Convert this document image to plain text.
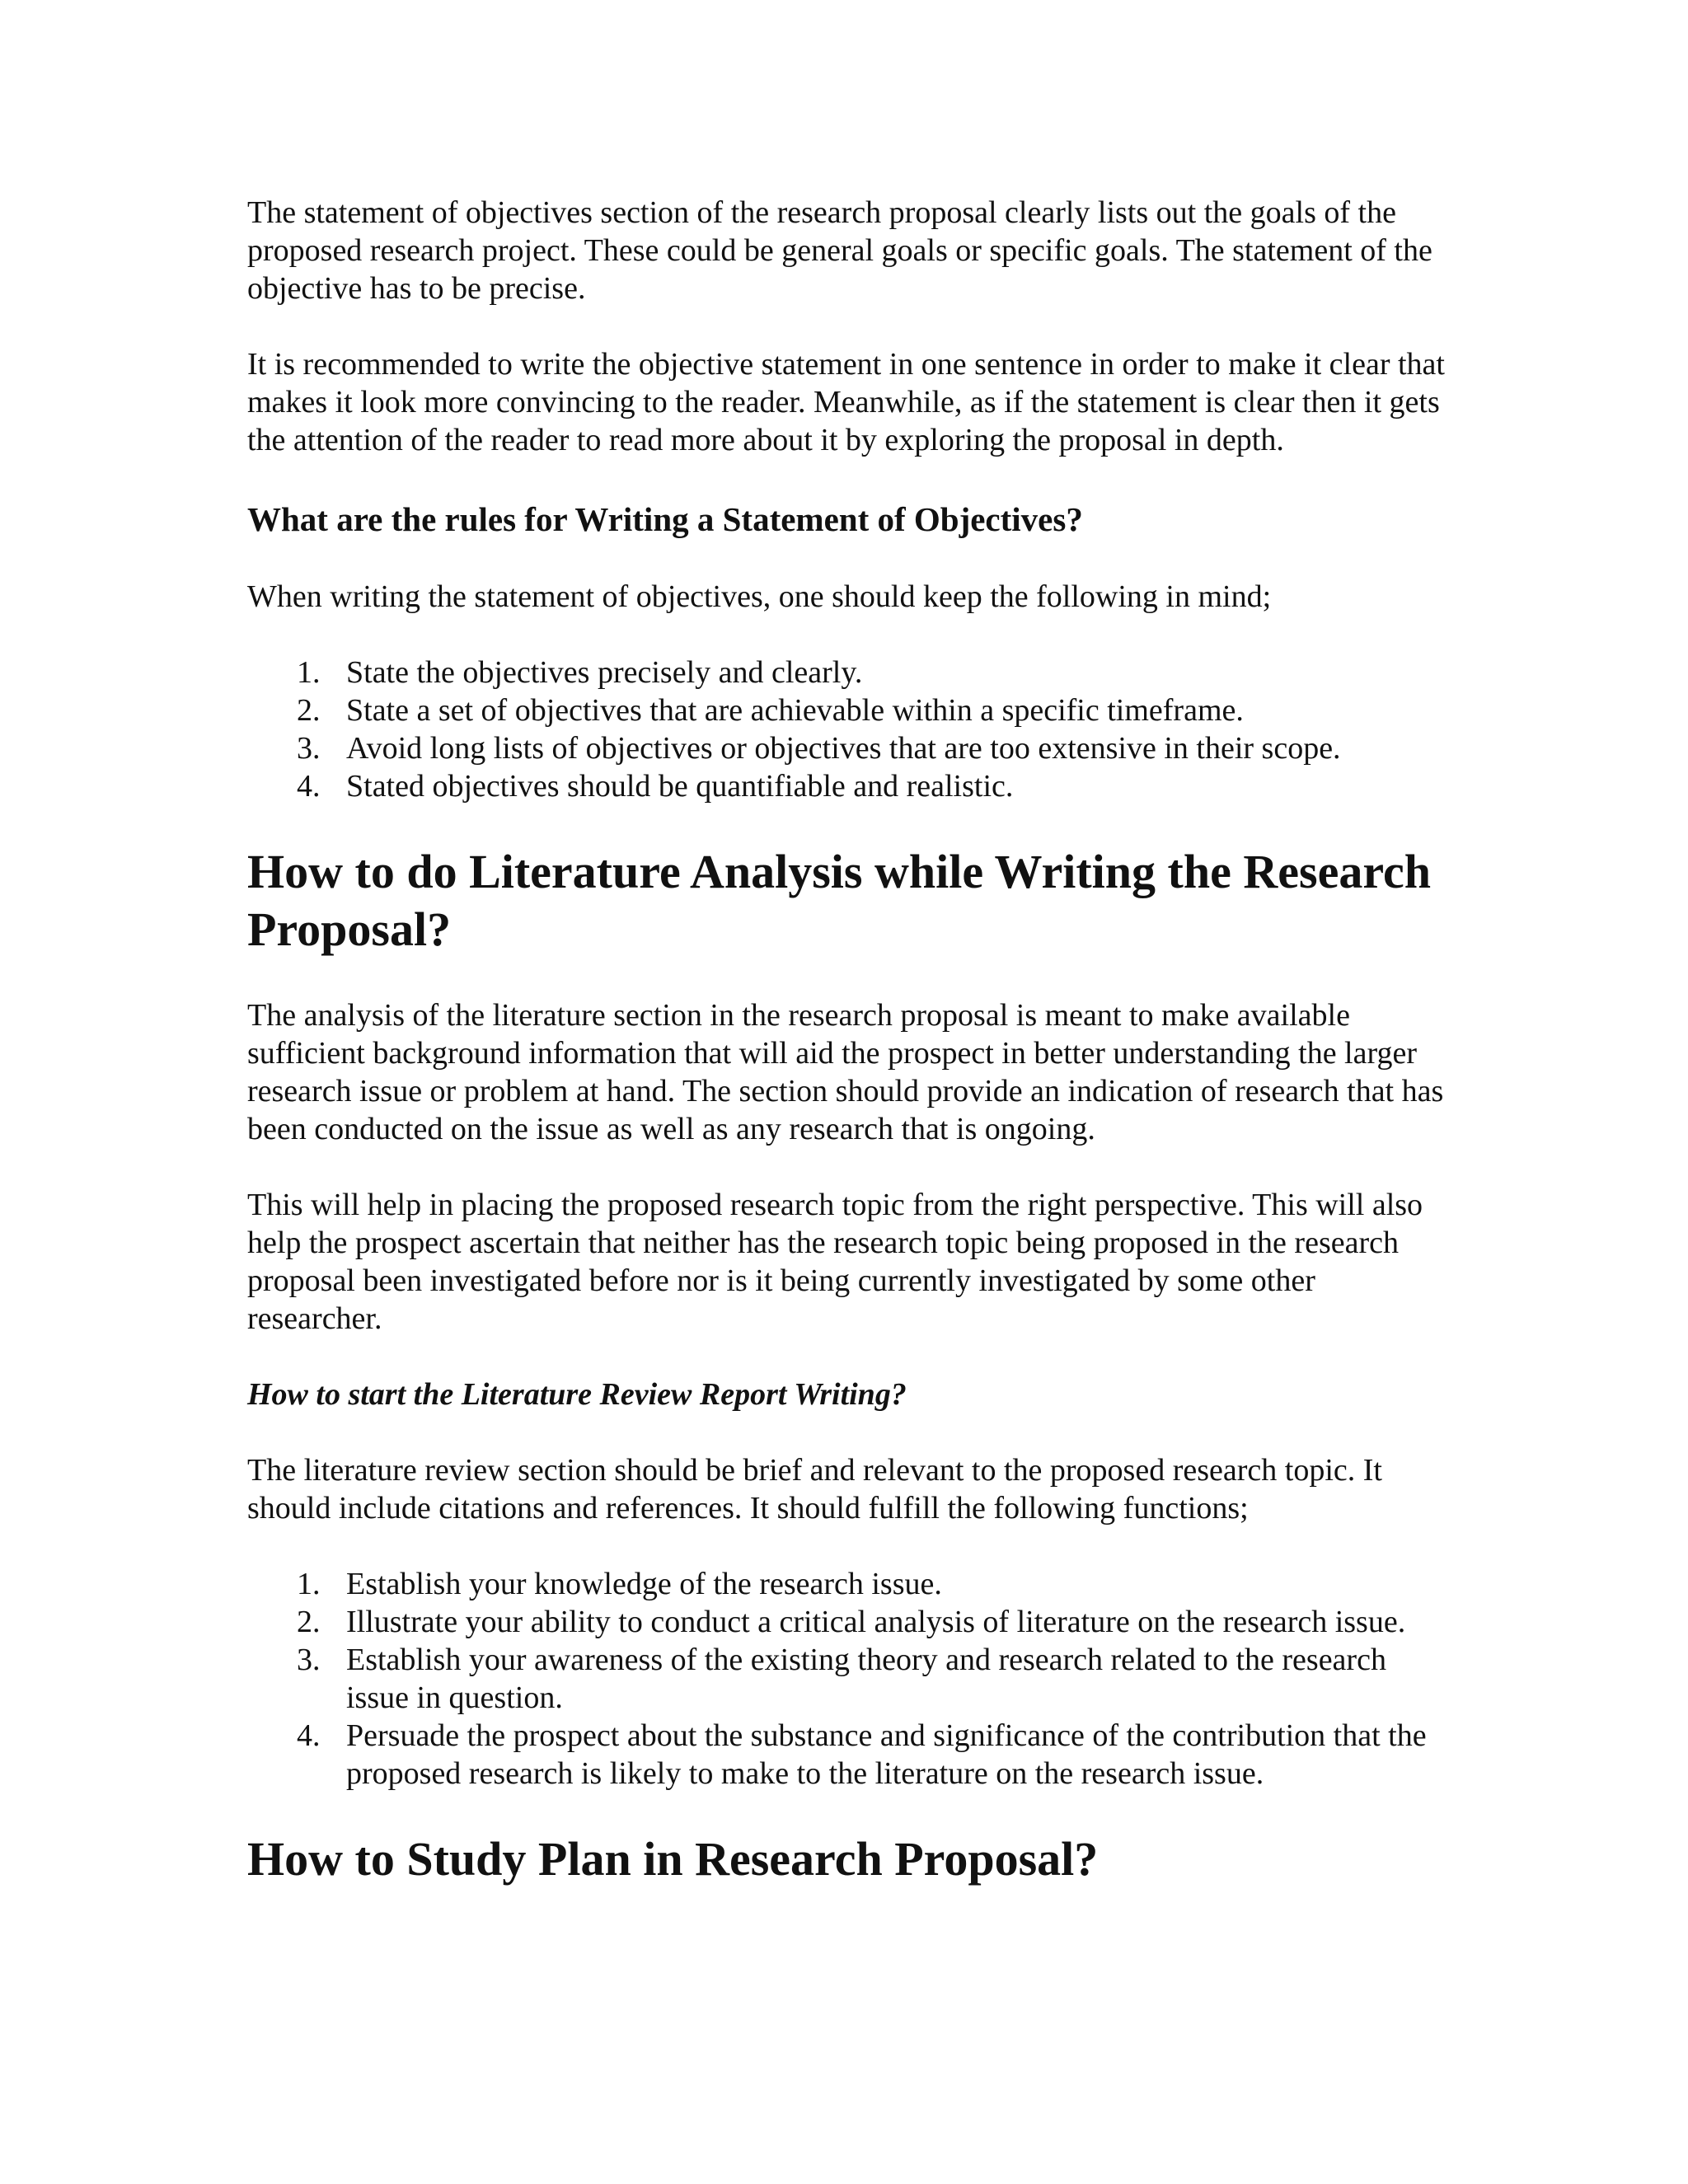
The statement of objectives section of the research proposal clearly lists out the goals of the proposed research project. These could be general goals or specific goals. The statement of the objective has to be precise.

It is recommended to write the objective statement in one sentence in order to make it clear that makes it look more convincing to the reader. Meanwhile, as if the statement is clear then it gets the attention of the reader to read more about it by exploring the proposal in depth.

What are the rules for Writing a Statement of Objectives?

When writing the statement of objectives, one should keep the following in mind;

1. State the objectives precisely and clearly.
2. State a set of objectives that are achievable within a specific timeframe.
3. Avoid long lists of objectives or objectives that are too extensive in their scope.
4. Stated objectives should be quantifiable and realistic.
How to do Literature Analysis while Writing the Research Proposal?

The analysis of the literature section in the research proposal is meant to make available sufficient background information that will aid the prospect in better understanding the larger research issue or problem at hand. The section should provide an indication of research that has been conducted on the issue as well as any research that is ongoing.

This will help in placing the proposed research topic from the right perspective. This will also help the prospect ascertain that neither has the research topic being proposed in the research proposal been investigated before nor is it being currently investigated by some other researcher.

How to start the Literature Review Report Writing?

The literature review section should be brief and relevant to the proposed research topic. It should include citations and references. It should fulfill the following functions;

1. Establish your knowledge of the research issue.
2. Illustrate your ability to conduct a critical analysis of literature on the research issue.
3. Establish your awareness of the existing theory and research related to the research issue in question.
4. Persuade the prospect about the substance and significance of the contribution that the proposed research is likely to make to the literature on the research issue.
How to Study Plan in Research Proposal?
